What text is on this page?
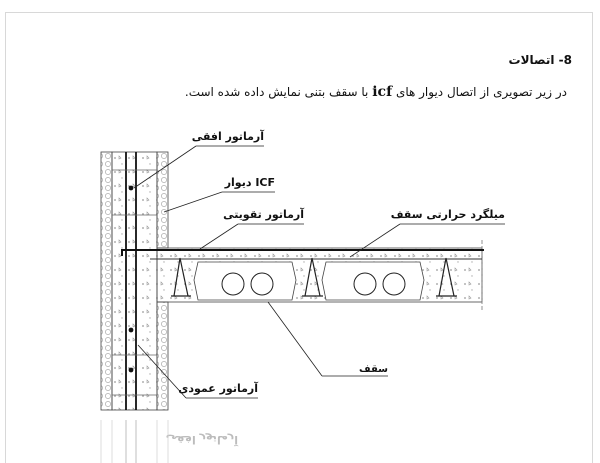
8- اتصالات
در زیر تصویری از اتصال دیوار های icf با سقف بتنی نمایش داده شده است.
آرماتور افقی
دیوار ICF
آرماتور تقویتی	میلگرد حرارتی سقف
سقف
آرماتور عمودی
آرماتور افقی
